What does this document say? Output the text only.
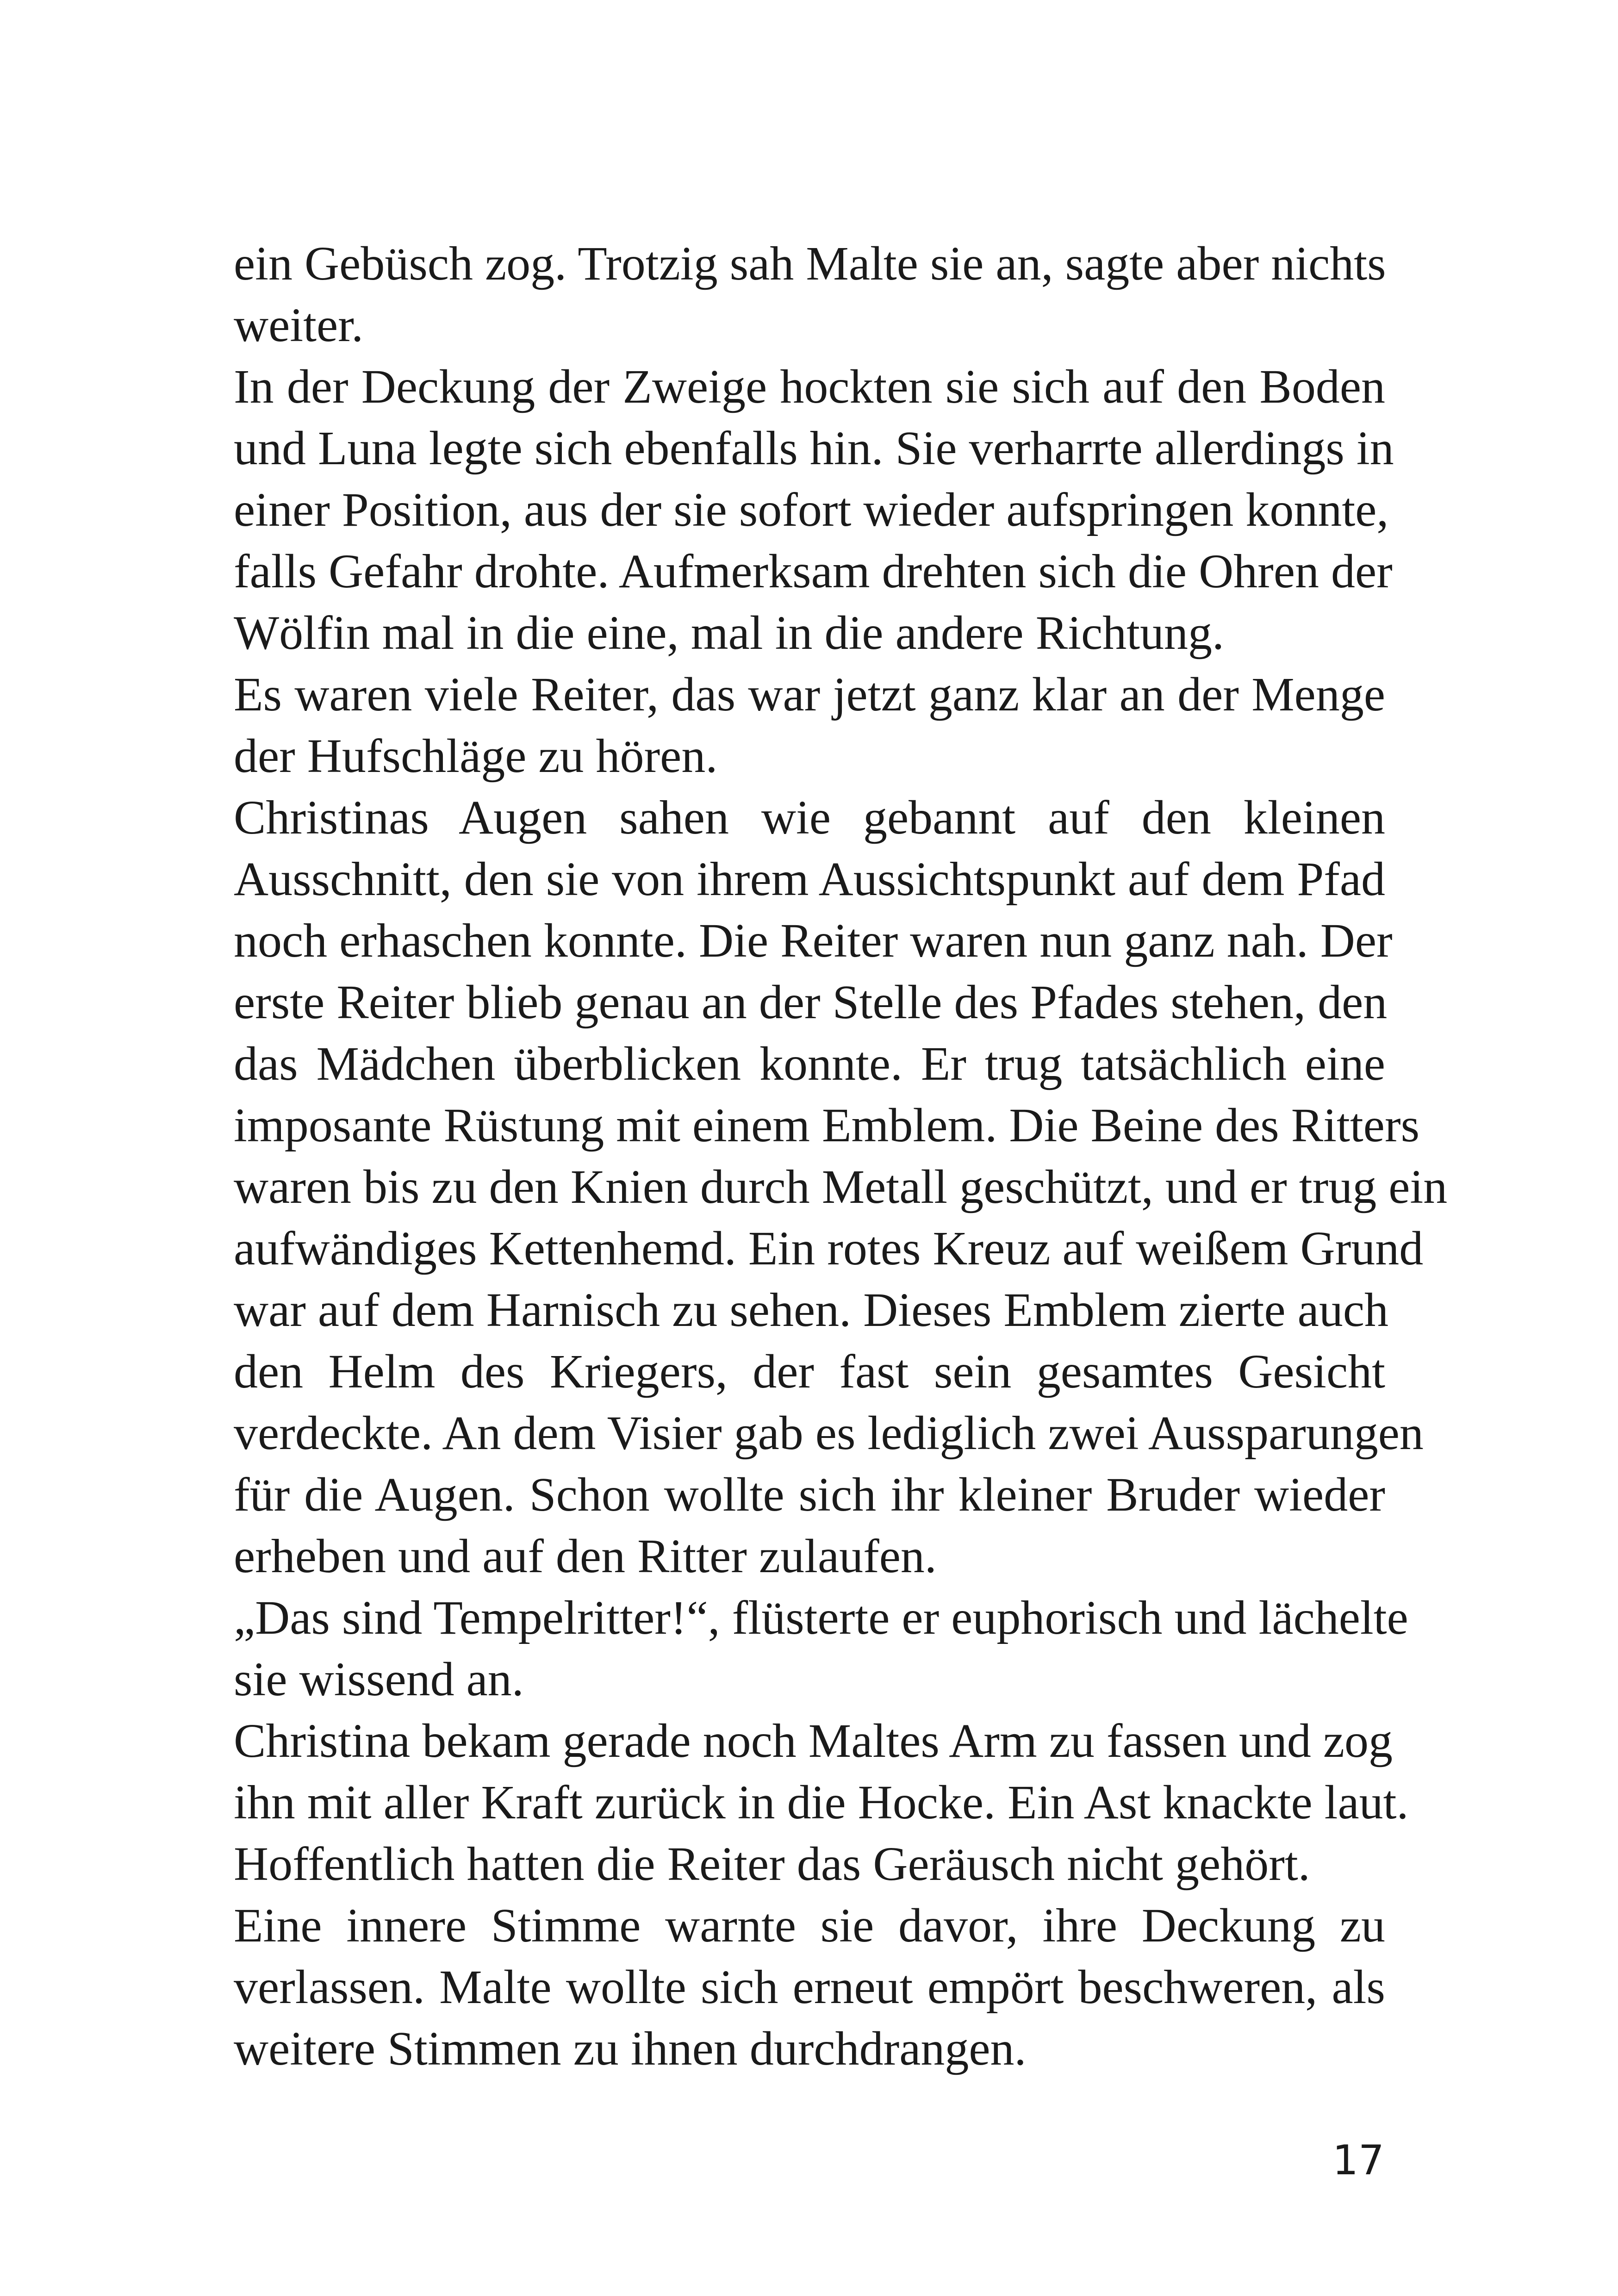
ein Gebüsch zog. Trotzig sah Malte sie an, sagte aber nichts
weiter.
In der Deckung der Zweige hockten sie sich auf den Boden
und Luna legte sich ebenfalls hin. Sie verharrte allerdings in
einer Position, aus der sie sofort wieder aufspringen konnte,
falls Gefahr drohte. Aufmerksam drehten sich die Ohren der
Wölfin mal in die eine, mal in die andere Richtung.
Es waren viele Reiter, das war jetzt ganz klar an der Menge
der Hufschläge zu hören.
Christinas Augen sahen wie gebannt auf den kleinen
Ausschnitt, den sie von ihrem Aussichtspunkt auf dem Pfad
noch erhaschen konnte. Die Reiter waren nun ganz nah. Der
erste Reiter blieb genau an der Stelle des Pfades stehen, den
das Mädchen überblicken konnte. Er trug tatsächlich eine
imposante Rüstung mit einem Emblem. Die Beine des Ritters
waren bis zu den Knien durch Metall geschützt, und er trug ein
aufwändiges Kettenhemd. Ein rotes Kreuz auf weißem Grund
war auf dem Harnisch zu sehen. Dieses Emblem zierte auch
den Helm des Kriegers, der fast sein gesamtes Gesicht
verdeckte. An dem Visier gab es lediglich zwei Aussparungen
für die Augen. Schon wollte sich ihr kleiner Bruder wieder
erheben und auf den Ritter zulaufen.
„Das sind Tempelritter!“, flüsterte er euphorisch und lächelte
sie wissend an.
Christina bekam gerade noch Maltes Arm zu fassen und zog
ihn mit aller Kraft zurück in die Hocke. Ein Ast knackte laut.
Hoffentlich hatten die Reiter das Geräusch nicht gehört.
Eine innere Stimme warnte sie davor, ihre Deckung zu
verlassen. Malte wollte sich erneut empört beschweren, als
weitere Stimmen zu ihnen durchdrangen.
17
